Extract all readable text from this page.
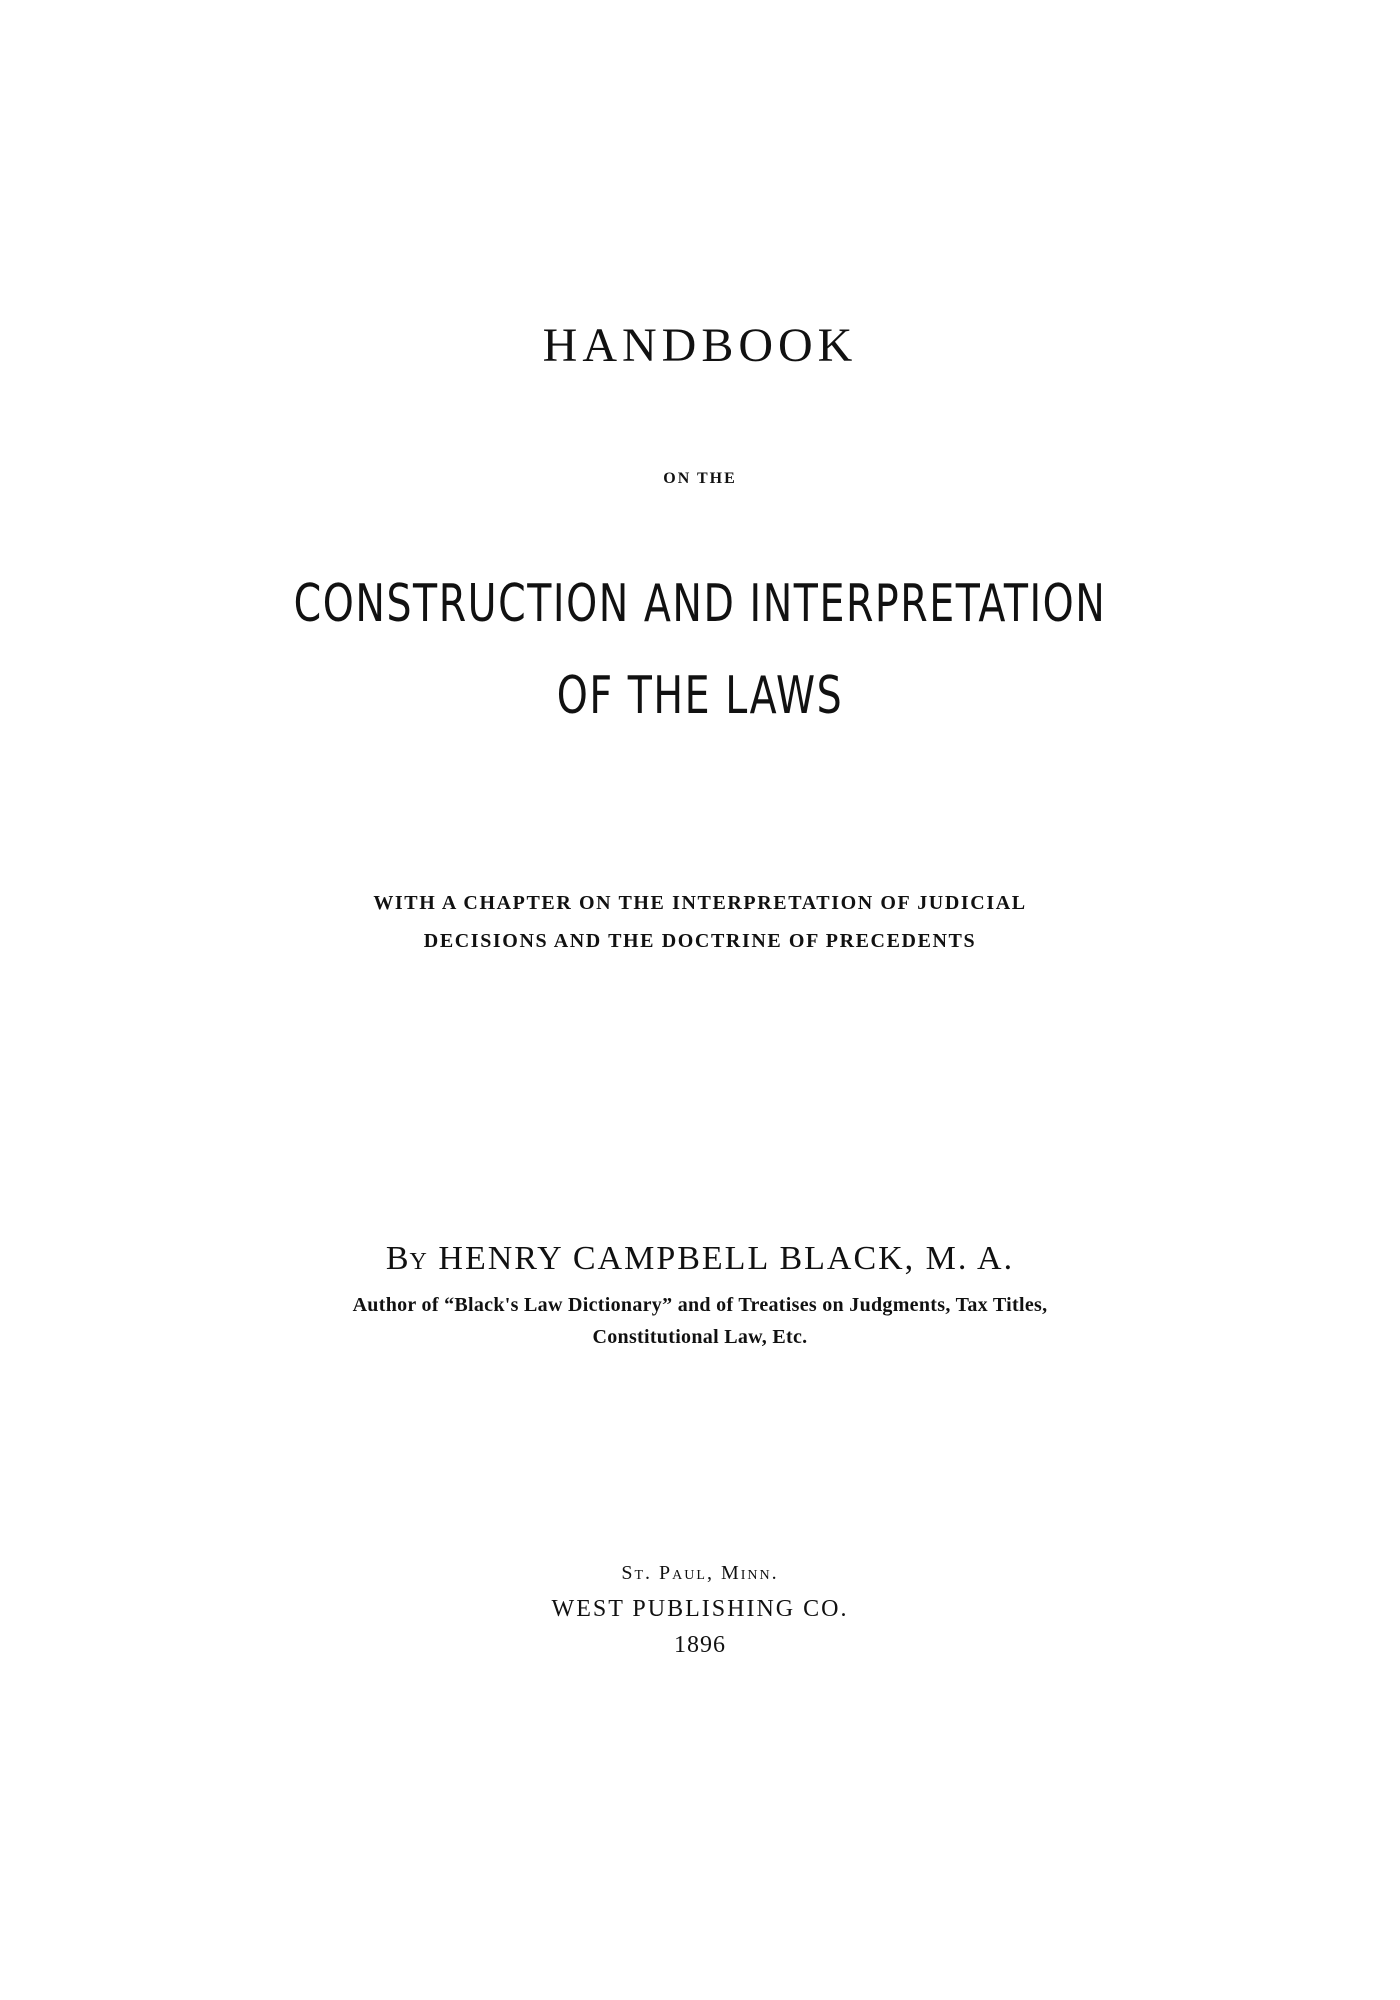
HANDBOOK
ON THE
CONSTRUCTION AND INTERPRETATION
OF THE LAWS
WITH A CHAPTER ON THE INTERPRETATION OF JUDICIAL
DECISIONS AND THE DOCTRINE OF PRECEDENTS
By HENRY CAMPBELL BLACK, M. A.
Author of “Black's Law Dictionary” and of Treatises on Judgments, Tax Titles,
Constitutional Law, Etc.
St. Paul, Minn.
WEST PUBLISHING CO.
1896
